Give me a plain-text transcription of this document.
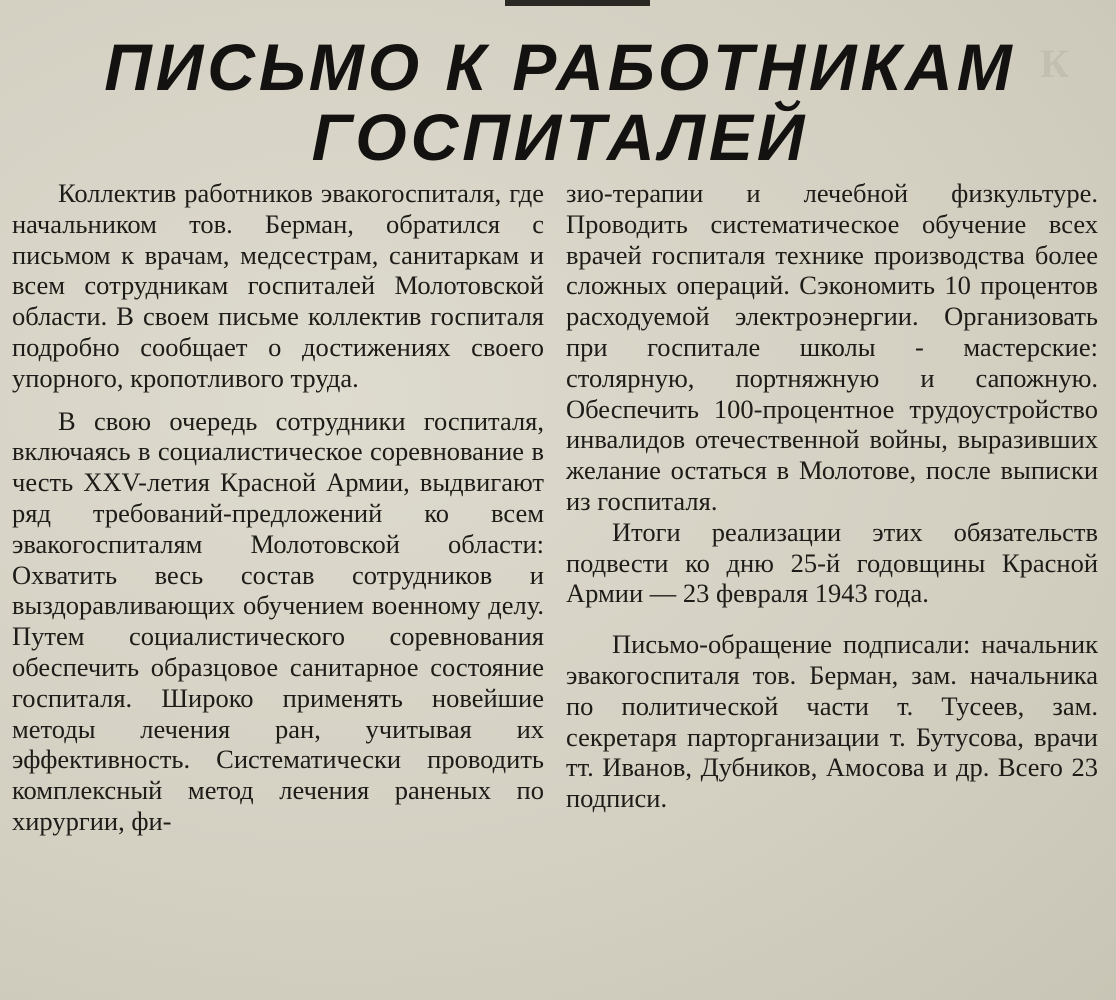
К
ПИСЬМО К РАБОТНИКАМ
ГОСПИТАЛЕЙ

Коллектив работников эвакогоспиталя, где начальником тов. Берман, обратился с письмом к врачам, медсестрам, санитаркам и всем сотрудникам госпиталей Молотовской области. В своем письме коллектив госпиталя подробно сообщает о достижениях своего упорного, кропотливого труда.

В свою очередь сотрудники госпиталя, включаясь в социалистическое соревнование в честь XXV-летия Красной Армии, выдвигают ряд требований-предложений ко всем эвакогоспиталям Молотовской области: Охватить весь состав сотрудников и выздоравливающих обучением военному делу. Путем социалистического соревнования обеспечить образцовое санитарное состояние госпиталя. Широко применять новейшие методы лечения ран, учитывая их эффективность. Систематически проводить комплексный метод лечения раненых по хирургии, фи-

зио-терапии и лечебной физкультуре. Проводить систематическое обучение всех врачей госпиталя технике производства более сложных операций. Сэкономить 10 процентов расходуемой электроэнергии. Организовать при госпитале школы - мастерские: столярную, портняжную и сапожную. Обеспечить 100-процентное трудоустройство инвалидов отечественной войны, выразивших желание остаться в Молотове, после выписки из госпиталя.

Итоги реализации этих обязательств подвести ко дню 25-й годовщины Красной Армии — 23 февраля 1943 года.

Письмо-обращение подписали: начальник эвакогоспиталя тов. Берман, зам. начальника по политической части т. Тусеев, зам. секретаря парторганизации т. Бутусова, врачи тт. Иванов, Дубников, Амосова и др. Всего 23 подписи.
